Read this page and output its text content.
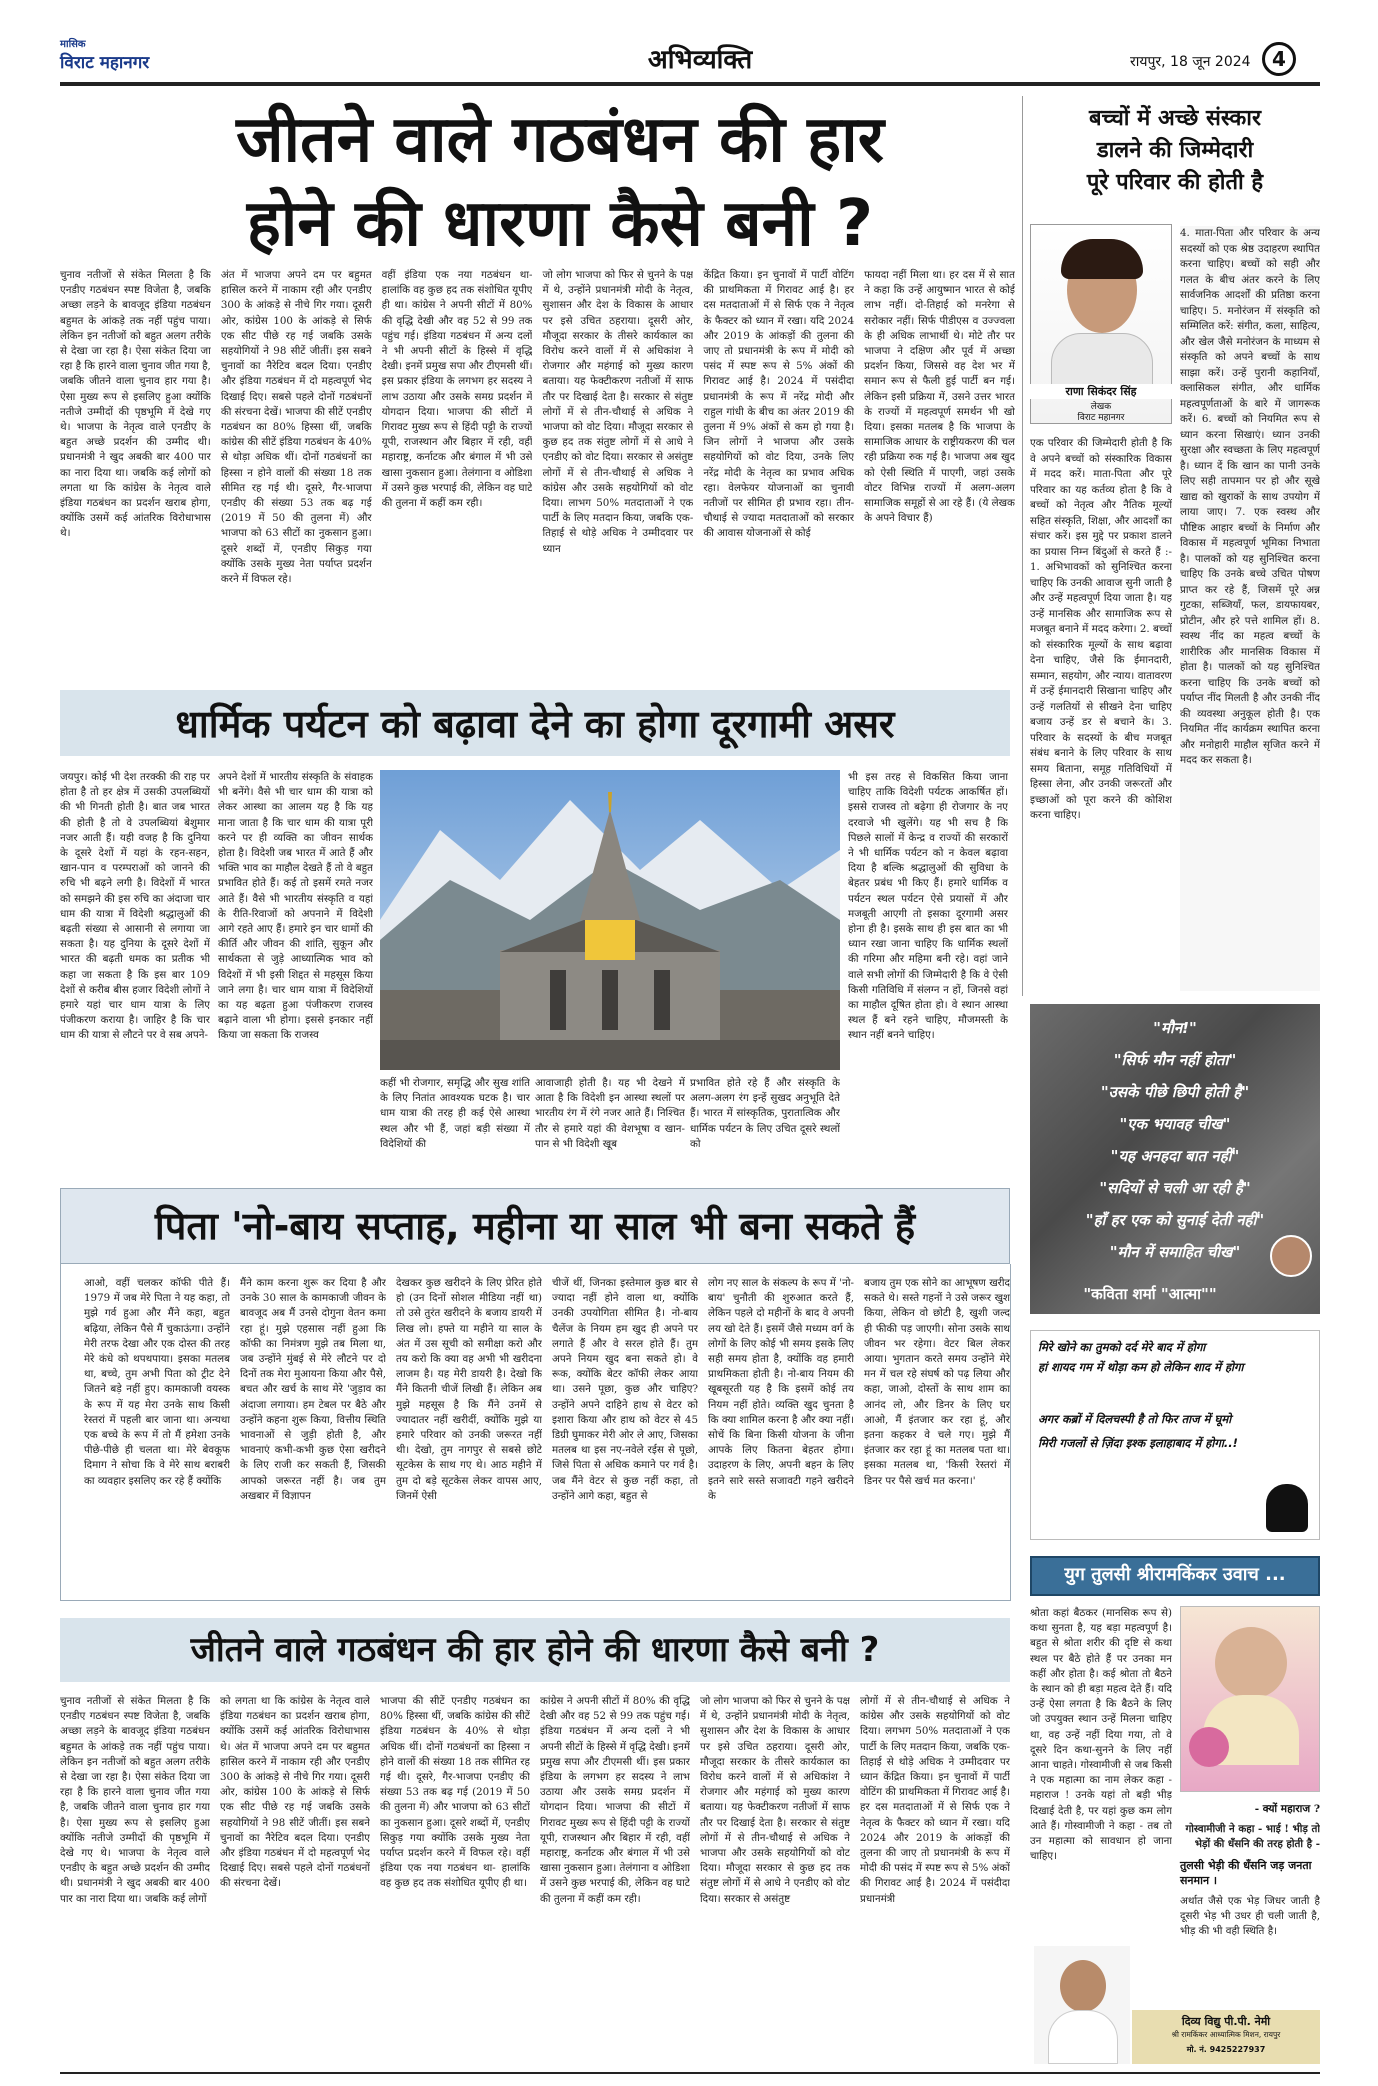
मासिक
विराट महानगर	अभिव्यक्ति	रायपुर, 18 जून 2024	4
जीतने वाले गठबंधन की हार
होने की धारणा कैसे बनी ?
चुनाव नतीजों से संकेत मिलता है कि एनडीए गठबंधन स्पष्ट विजेता है, जबकि अच्छा लड़ने के बावजूद इंडिया गठबंधन बहुमत के आंकड़े तक नहीं पहुंच पाया। लेकिन इन नतीजों को बहुत अलग तरीके से देखा जा रहा है। ऐसा संकेत दिया जा रहा है कि हारने वाला चुनाव जीत गया है, जबकि जीतने वाला चुनाव हार गया है। ऐसा मुख्य रूप से इसलिए हुआ क्योंकि नतीजे उम्मीदों की पृष्ठभूमि में देखे गए थे। भाजपा के नेतृत्व वाले एनडीए के बहुत अच्छे प्रदर्शन की उम्मीद थी। प्रधानमंत्री ने खुद अबकी बार 400 पार का नारा दिया था। जबकि कई लोगों को लगता था कि कांग्रेस के नेतृत्व वाले इंडिया गठबंधन का प्रदर्शन खराब होगा, क्योंकि उसमें कई आंतरिक विरोधाभास थे।
अंत में भाजपा अपने दम पर बहुमत हासिल करने में नाकाम रही और एनडीए 300 के आंकड़े से नीचे गिर गया। दूसरी ओर, कांग्रेस 100 के आंकड़े से सिर्फ एक सीट पीछे रह गई जबकि उसके सहयोगियों ने 98 सीटें जीतीं। इस सबने चुनावों का नैरेटिव बदल दिया। एनडीए और इंडिया गठबंधन में दो महत्वपूर्ण भेद दिखाई दिए। सबसे पहले दोनों गठबंधनों की संरचना देखें। भाजपा की सीटें एनडीए गठबंधन का 80% हिस्सा थीं, जबकि कांग्रेस की सीटें इंडिया गठबंधन के 40% से थोड़ा अधिक थीं। दोनों गठबंधनों का हिस्सा न होने वालों की संख्या 18 तक सीमित रह गई थी। दूसरे, गैर-भाजपा एनडीए की संख्या 53 तक बढ़ गई (2019 में 50 की तुलना में) और भाजपा को 63 सीटों का नुकसान हुआ। दूसरे शब्दों में, एनडीए सिकुड़ गया क्योंकि उसके मुख्य नेता पर्याप्त प्रदर्शन करने में विफल रहे।
वहीं इंडिया एक नया गठबंधन था- हालांकि वह कुछ हद तक संशोधित यूपीए ही था। कांग्रेस ने अपनी सीटों में 80% की वृद्धि देखी और वह 52 से 99 तक पहुंच गई। इंडिया गठबंधन में अन्य दलों ने भी अपनी सीटों के हिस्से में वृद्धि देखी। इनमें प्रमुख सपा और टीएमसी थीं। इस प्रकार इंडिया के लगभग हर सदस्य ने लाभ उठाया और उसके समग्र प्रदर्शन में योगदान दिया। भाजपा की सीटों में गिरावट मुख्य रूप से हिंदी पट्टी के राज्यों यूपी, राजस्थान और बिहार में रही, वहीं महाराष्ट्र, कर्नाटक और बंगाल में भी उसे खासा नुकसान हुआ। तेलंगाना व ओडिशा में उसने कुछ भरपाई की, लेकिन वह घाटे की तुलना में कहीं कम रही।
जो लोग भाजपा को फिर से चुनने के पक्ष में थे, उन्होंने प्रधानमंत्री मोदी के नेतृत्व, सुशासन और देश के विकास के आधार पर इसे उचित ठहराया। दूसरी ओर, मौजूदा सरकार के तीसरे कार्यकाल का विरोध करने वालों में से अधिकांश ने रोजगार और महंगाई को मुख्य कारण बताया। यह फेक्टीकरण नतीजों में साफ तौर पर दिखाई देता है। सरकार से संतुष्ट लोगों में से तीन-चौथाई से अधिक ने भाजपा को वोट दिया। मौजूदा सरकार से कुछ हद तक संतुष्ट लोगों में से आधे ने एनडीए को वोट दिया। सरकार से असंतुष्ट लोगों में से तीन-चौथाई से अधिक ने कांग्रेस और उसके सहयोगियों को वोट दिया। लाभग 50% मतदाताओं ने एक पार्टी के लिए मतदान किया, जबकि एक-तिहाई से थोड़े अधिक ने उम्मीदवार पर ध्यान
केंद्रित किया। इन चुनावों में पार्टी वोटिंग की प्राथमिकता में गिरावट आई है। हर दस मतदाताओं में से सिर्फ एक ने नेतृत्व के फैक्टर को ध्यान में रखा। यदि 2024 और 2019 के आंकड़ों की तुलना की जाए तो प्रधानमंत्री के रूप में मोदी को पसंद में स्पष्ट रूप से 5% अंकों की गिरावट आई है। 2024 में पसंदीदा प्रधानमंत्री के रूप में नरेंद्र मोदी और राहुल गांधी के बीच का अंतर 2019 की तुलना में 9% अंकों से कम हो गया है। जिन लोगों ने भाजपा और उसके सहयोगियों को वोट दिया, उनके लिए नरेंद्र मोदी के नेतृत्व का प्रभाव अधिक रहा। वेलफेयर योजनाओं का चुनावी नतीजों पर सीमित ही प्रभाव रहा। तीन-चौथाई से ज्यादा मतदाताओं को सरकार की आवास योजनाओं से कोई
फायदा नहीं मिला था। हर दस में से सात ने कहा कि उन्हें आयुष्मान भारत से कोई लाभ नहीं। दो-तिहाई को मनरेगा से सरोकार नहीं। सिर्फ पीडीएस व उज्ज्वला के ही अधिक लाभार्थी थे। मोटे तौर पर भाजपा ने दक्षिण और पूर्व में अच्छा प्रदर्शन किया, जिससे वह देश भर में समान रूप से फैली हुई पार्टी बन गई। लेकिन इसी प्रक्रिया में, उसने उत्तर भारत के राज्यों में महत्वपूर्ण समर्थन भी खो दिया। इसका मतलब है कि भाजपा के सामाजिक आधार के राष्ट्रीयकरण की चल रही प्रक्रिया रुक गई है। भाजपा अब खुद को ऐसी स्थिति में पाएगी, जहां उसके वोटर विभिन्न राज्यों में अलग-अलग सामाजिक समूहों से आ रहे हैं। (ये लेखक के अपने विचार हैं)
बच्चों में अच्छे संस्कार
डालने की जिम्मेदारी
पूरे परिवार की होती है
राणा सिकंदर सिंह
लेखक
विराट महानगर
4. माता-पिता और परिवार के अन्य सदस्यों को एक श्रेष्ठ उदाहरण स्थापित करना चाहिए। बच्चों को सही और गलत के बीच अंतर करने के लिए सार्वजनिक आदर्शों की प्रतिष्ठा करना चाहिए। 5. मनोरंजन में संस्कृति को सम्मिलित करें: संगीत, कला, साहित्य, और खेल जैसे मनोरंजन के माध्यम से संस्कृति को अपने बच्चों के साथ साझा करें। उन्हें पुरानी कहानियाँ, क्लासिकल संगीत, और धार्मिक महत्वपूर्णताओं के बारे में जागरूक करें। 6. बच्चों को नियमित रूप से ध्यान करना सिखाएं। ध्यान उनकी सुरक्षा और स्वच्छता के लिए महत्वपूर्ण है। ध्यान दें कि खान का पानी उनके लिए सही तापमान पर हो और सूखे खाद्य को खुराकों के साथ उपयोग में लाया जाए। 7. एक स्वस्थ और पौष्टिक आहार बच्चों के निर्माण और विकास में महत्वपूर्ण भूमिका निभाता है। पालकों को यह सुनिश्चित करना चाहिए कि उनके बच्चे उचित पोषण प्राप्त कर रहे हैं, जिसमें पूरे अन्न गुटका, सब्जियाँ, फल, डायफायबर, प्रोटीन, और हरे पत्ते शामिल हों। 8. स्वस्थ नींद का महत्व बच्चों के शारीरिक और मानसिक विकास में होता है। पालकों को यह सुनिश्चित करना चाहिए कि उनके बच्चों को पर्याप्त नींद मिलती है और उनकी नींद की व्यवस्था अनुकूल होती है। एक नियमित नींद कार्यक्रम स्थापित करना और मनोहारी माहौल सृजित करने में मदद कर सकता है।
एक परिवार की जिम्मेदारी होती है कि वे अपने बच्चों को संस्कारिक विकास में मदद करें। माता-पिता और पूरे परिवार का यह कर्तव्य होता है कि वे बच्चों को नेतृत्व और नैतिक मूल्यों सहित संस्कृति, शिक्षा, और आदर्शों का संचार करें। इस मुद्दे पर प्रकाश डालने का प्रयास निम्न बिंदुओं से करते हैं :- 1. अभिभावकों को सुनिश्चित करना चाहिए कि उनकी आवाज सुनी जाती है और उन्हें महत्वपूर्ण दिया जाता है। यह उन्हें मानसिक और सामाजिक रूप से मजबूत बनाने में मदद करेगा। 2. बच्चों को संस्कारिक मूल्यों के साथ बढ़ावा देना चाहिए, जैसे कि ईमानदारी, सम्मान, सहयोग, और न्याय। वातावरण में उन्हें ईमानदारी सिखाना चाहिए और उन्हें गलतियों से सीखने देना चाहिए बजाय उन्हें डर से बचाने के। 3. परिवार के सदस्यों के बीच मजबूत संबंध बनाने के लिए परिवार के साथ समय बिताना, समूह गतिविधियों में हिस्सा लेना, और उनकी जरूरतों और इच्छाओं को पूरा करने की कोशिश करना चाहिए।
धार्मिक पर्यटन को बढ़ावा देने का होगा दूरगामी असर
जयपुर। कोई भी देश तरक्की की राह पर होता है तो हर क्षेत्र में उसकी उपलब्धियों की भी गिनती होती है। बात जब भारत की होती है तो वे उपलब्धियां बेशुमार नजर आती हैं। यही वजह है कि दुनिया के दूसरे देशों में यहां के रहन-सहन, खान-पान व परम्पराओं को जानने की रुचि भी बढ़ने लगी है। विदेशों में भारत को समझने की इस रुचि का अंदाजा चार धाम की यात्रा में विदेशी श्रद्धालुओं की बढ़ती संख्या से आसानी से लगाया जा सकता है। यह दुनिया के दूसरे देशों में भारत की बढ़ती धमक का प्रतीक भी कहा जा सकता है कि इस बार 109 देशों से करीब बीस हजार विदेशी लोगों ने हमारे यहां चार धाम यात्रा के लिए पंजीकरण कराया है। जाहिर है कि चार धाम की यात्रा से लौटने पर वे सब अपने-
अपने देशों में भारतीय संस्कृति के संवाहक भी बनेंगे। वैसे भी चार धाम की यात्रा को लेकर आस्था का आलम यह है कि यह माना जाता है कि चार धाम की यात्रा पूरी करने पर ही व्यक्ति का जीवन सार्थक होता है। विदेशी जब भारत में आते हैं और भक्ति भाव का माहौल देखते हैं तो वे बहुत प्रभावित होते हैं। कई तो इसमें रमते नजर आते हैं। वैसे भी भारतीय संस्कृति व यहां के रीति-रिवाजों को अपनाने में विदेशी आगे रहते आए हैं। हमारे इन चार धामों की कीर्ति और जीवन की शांति, सुकून और सार्थकता से जुड़े आध्यात्मिक भाव को विदेशों में भी इसी शिद्दत से महसूस किया जाने लगा है। चार धाम यात्रा में विदेशियों का यह बढ़ता हुआ पंजीकरण राजस्व बढ़ाने वाला भी होगा। इससे इनकार नहीं किया जा सकता कि राजस्व
कहीं भी रोजगार, समृद्धि और सुख शांति के लिए नितांत आवश्यक घटक है। चार धाम यात्रा की तरह ही कई ऐसे आस्था स्थल और भी हैं, जहां बड़ी संख्या में विदेशियों की
आवाजाही होती है। यह भी देखने में आता है कि विदेशी इन आस्था स्थलों पर भारतीय रंग में रंगे नजर आते हैं। निश्चित तौर से हमारे यहां की वेशभूषा व खान-पान से भी विदेशी खूब
प्रभावित होते रहे हैं और संस्कृति के अलग-अलग रंग इन्हें सुखद अनुभूति देते हैं। भारत में सांस्कृतिक, पुरातात्विक और धार्मिक पर्यटन के लिए उचित दूसरे स्थलों को
भी इस तरह से विकसित किया जाना चाहिए ताकि विदेशी पर्यटक आकर्षित हों। इससे राजस्व तो बढ़ेगा ही रोजगार के नए दरवाजे भी खुलेंगे। यह भी सच है कि पिछले सालों में केन्द्र व राज्यों की सरकारों ने भी धार्मिक पर्यटन को न केवल बढ़ावा दिया है बल्कि श्रद्धालुओं की सुविधा के बेहतर प्रबंध भी किए हैं। हमारे धार्मिक व पर्यटन स्थल पर्यटन ऐसे प्रयासों में और मजबूती आएगी तो इसका दूरगामी असर होना ही है। इसके साथ ही इस बात का भी ध्यान रखा जाना चाहिए कि धार्मिक स्थलों की गरिमा और महिमा बनी रहे। वहां जाने वाले सभी लोगों की जिम्मेदारी है कि वे ऐसी किसी गतिविधि में संलग्न न हों, जिनसे वहां का माहौल दूषित होता हो। वे स्थान आस्था स्थल हैं बने रहने चाहिए, मौजमस्ती के स्थान नहीं बनने चाहिए।	"मौन!"
"सिर्फ मौन नहीं होता"
"उसके पीछे छिपी होती है"
"एक भयावह चीख"
"यह अनहदा बात नहीं"
"सदियों से चली आ रही है"
"हाँ हर एक को सुनाई देती नहीं"
"मौन में समाहित चीख"
"कविता शर्मा "आत्मा""
पिता 'नो-बाय सप्ताह, महीना या साल भी बना सकते हैं
आओ, वहीं चलकर कॉफी पीते हैं। 1979 में जब मेरे पिता ने यह कहा, तो मुझे गर्व हुआ और मैंने कहा, बहुत बढ़िया, लेकिन पैसे मैं चुकाऊंगा। उन्होंने मेरी तरफ देखा और एक दोस्त की तरह मेरे कंधे को थपथपाया। इसका मतलब था, बच्चे, तुम अभी पिता को ट्रीट देने जितने बड़े नहीं हुए। कामकाजी वयस्क के रूप में यह मेरा उनके साथ किसी रेस्तरां में पहली बार जाना था। अन्यथा एक बच्चे के रूप में तो मैं हमेशा उनके पीछे-पीछे ही चलता था। मेरे बेवकूफ दिमाग ने सोचा कि वे मेरे साथ बराबरी का व्यवहार इसलिए कर रहे हैं क्योंकि
मैंने काम करना शुरू कर दिया है और उनके 30 साल के कामकाजी जीवन के बावजूद अब मैं उनसे दोगुना वेतन कमा रहा हूं। मुझे एहसास नहीं हुआ कि कॉफी का निमंत्रण मुझे तब मिला था, जब उन्होंने मुंबई से मेरे लौटने पर दो दिनों तक मेरा मुआयना किया और पैसे, बचत और खर्च के साथ मेरे 'जुड़ाव का अंदाजा लगाया। हम टेबल पर बैठे और उन्होंने कहना शुरू किया, वित्तीय स्थिति भावनाओं से जुड़ी होती है, और भावनाएं कभी-कभी कुछ ऐसा खरीदने के लिए राजी कर सकती हैं, जिसकी आपको जरूरत नहीं है। जब तुम अखबार में विज्ञापन
देखकर कुछ खरीदने के लिए प्रेरित होते हो (उन दिनों सोशल मीडिया नहीं था) तो उसे तुरंत खरीदने के बजाय डायरी में लिख लो। हफ्ते या महीने या साल के अंत में उस सूची को समीक्षा करो और तय करो कि क्या वह अभी भी खरीदना लाजम है। यह मेरी डायरी है। देखो कि मैंने कितनी चीजें लिखी हैं। लेकिन अब मुझे महसूस है कि मैंने उनमें से ज्यादातर नहीं खरीदीं, क्योंकि मुझे या हमारे परिवार को उनकी जरूरत नहीं थी। देखो, तुम नागपुर से सबसे छोटे सूटकेस के साथ गए थे। आठ महीने में तुम दो बड़े सूटकेस लेकर वापस आए, जिनमें ऐसी
चीजें थीं, जिनका इस्तेमाल कुछ बार से ज्यादा नहीं होने वाला था, क्योंकि उनकी उपयोगिता सीमित है। नो-बाय चैलेंज के नियम हम खुद ही अपने पर लगाते हैं और वे सरल होते हैं। तुम अपने नियम खुद बना सकते हो। वे रूक, क्योंकि बेटर कॉफी लेकर आया था। उसने पूछा, कुछ और चाहिए? उन्होंने अपने दाहिने हाथ से वेटर को इशारा किया और हाथ को वेटर से 45 डिग्री घुमाकर मेरी ओर ले आए, जिसका मतलब था इस नए-नवेले रईस से पूछो, जिसे पिता से अधिक कमाने पर गर्व है। जब मैंने वेटर से कुछ नहीं कहा, तो उन्होंने आगे कहा, बहुत से
लोग नए साल के संकल्प के रूप में 'नो-बाय' चुनौती की शुरुआत करते हैं, लेकिन पहले दो महीनों के बाद वे अपनी लय खो देते हैं। इसमें जैसे मध्यम वर्ग के लोगों के लिए कोई भी समय इसके लिए सही समय होता है, क्योंकि वह हमारी प्राथमिकता होती है। नो-बाय नियम की खूबसूरती यह है कि इसमें कोई तय नियम नहीं होते। व्यक्ति खुद चुनता है कि क्या शामिल करना है और क्या नहीं। सोचें कि बिना किसी योजना के जीना आपके लिए कितना बेहतर होगा। उदाहरण के लिए, अपनी बहन के लिए इतने सारे सस्ते सजावटी गहने खरीदने के
बजाय तुम एक सोने का आभूषण खरीद सकते थे। सस्ते गहनों ने उसे जरूर खुश किया, लेकिन वो छोटी है, खुशी जल्द ही फीकी पड़ जाएगी। सोना उसके साथ जीवन भर रहेगा। वेटर बिल लेकर आया। भुगतान करते समय उन्होंने मेरे मन में चल रहे संघर्ष को पढ़ लिया और कहा, जाओ, दोस्तों के साथ शाम का आनंद लो, और डिनर के लिए घर आओ, मैं इंतजार कर रहा हूं, और इतना कहकर वे चले गए। मुझे मैं इंतजार कर रहा हूं का मतलब पता था। इसका मतलब था, 'किसी रेस्तरां में डिनर पर पैसे खर्च मत करना।'
मिरे खोने का तुमको दर्द मेरे बाद में होगा
हां शायद गम में थोड़ा कम हो लेकिन शाद में होगा
अगर कब्रों में दिलचस्पी है तो फिर ताज में घूमो
मिरी गजलों से ज़िंदा इश्क इलाहाबाद में होगा..!
युग तुलसी श्रीरामकिंकर उवाच ...
जीतने वाले गठबंधन की हार होने की धारणा कैसे बनी ?
चुनाव नतीजों से संकेत मिलता है कि एनडीए गठबंधन स्पष्ट विजेता है, जबकि अच्छा लड़ने के बावजूद इंडिया गठबंधन बहुमत के आंकड़े तक नहीं पहुंच पाया। लेकिन इन नतीजों को बहुत अलग तरीके से देखा जा रहा है। ऐसा संकेत दिया जा रहा है कि हारने वाला चुनाव जीत गया है, जबकि जीतने वाला चुनाव हार गया है। ऐसा मुख्य रूप से इसलिए हुआ क्योंकि नतीजे उम्मीदों की पृष्ठभूमि में देखे गए थे। भाजपा के नेतृत्व वाले एनडीए के बहुत अच्छे प्रदर्शन की उम्मीद थी। प्रधानमंत्री ने खुद अबकी बार 400 पार का नारा दिया था। जबकि कई लोगों
को लगता था कि कांग्रेस के नेतृत्व वाले इंडिया गठबंधन का प्रदर्शन खराब होगा, क्योंकि उसमें कई आंतरिक विरोधाभास थे। अंत में भाजपा अपने दम पर बहुमत हासिल करने में नाकाम रही और एनडीए 300 के आंकड़े से नीचे गिर गया। दूसरी ओर, कांग्रेस 100 के आंकड़े से सिर्फ एक सीट पीछे रह गई जबकि उसके सहयोगियों ने 98 सीटें जीतीं। इस सबने चुनावों का नैरेटिव बदल दिया। एनडीए और इंडिया गठबंधन में दो महत्वपूर्ण भेद दिखाई दिए। सबसे पहले दोनों गठबंधनों की संरचना देखें।
भाजपा की सीटें एनडीए गठबंधन का 80% हिस्सा थीं, जबकि कांग्रेस की सीटें इंडिया गठबंधन के 40% से थोड़ा अधिक थीं। दोनों गठबंधनों का हिस्सा न होने वालों की संख्या 18 तक सीमित रह गई थी। दूसरे, गैर-भाजपा एनडीए की संख्या 53 तक बढ़ गई (2019 में 50 की तुलना में) और भाजपा को 63 सीटों का नुकसान हुआ। दूसरे शब्दों में, एनडीए सिकुड़ गया क्योंकि उसके मुख्य नेता पर्याप्त प्रदर्शन करने में विफल रहे। वहीं इंडिया एक नया गठबंधन था- हालांकि वह कुछ हद तक संशोधित यूपीए ही था।
कांग्रेस ने अपनी सीटों में 80% की वृद्धि देखी और वह 52 से 99 तक पहुंच गई। इंडिया गठबंधन में अन्य दलों ने भी अपनी सीटों के हिस्से में वृद्धि देखी। इनमें प्रमुख सपा और टीएमसी थीं। इस प्रकार इंडिया के लगभग हर सदस्य ने लाभ उठाया और उसके समग्र प्रदर्शन में योगदान दिया। भाजपा की सीटों में गिरावट मुख्य रूप से हिंदी पट्टी के राज्यों यूपी, राजस्थान और बिहार में रही, वहीं महाराष्ट्र, कर्नाटक और बंगाल में भी उसे खासा नुकसान हुआ। तेलंगाना व ओडिशा में उसने कुछ भरपाई की, लेकिन वह घाटे की तुलना में कहीं कम रही।
जो लोग भाजपा को फिर से चुनने के पक्ष में थे, उन्होंने प्रधानमंत्री मोदी के नेतृत्व, सुशासन और देश के विकास के आधार पर इसे उचित ठहराया। दूसरी ओर, मौजूदा सरकार के तीसरे कार्यकाल का विरोध करने वालों में से अधिकांश ने रोजगार और महंगाई को मुख्य कारण बताया। यह फेक्टीकरण नतीजों में साफ तौर पर दिखाई देता है। सरकार से संतुष्ट लोगों में से तीन-चौथाई से अधिक ने भाजपा और उसके सहयोगियों को वोट दिया। मौजूदा सरकार से कुछ हद तक संतुष्ट लोगों में से आधे ने एनडीए को वोट दिया। सरकार से असंतुष्ट
लोगों में से तीन-चौथाई से अधिक ने कांग्रेस और उसके सहयोगियों को वोट दिया। लगभग 50% मतदाताओं ने एक पार्टी के लिए मतदान किया, जबकि एक-तिहाई से थोड़े अधिक ने उम्मीदवार पर ध्यान केंद्रित किया। इन चुनावों में पार्टी वोटिंग की प्राथमिकता में गिरावट आई है। हर दस मतदाताओं में से सिर्फ एक ने नेतृत्व के फैक्टर को ध्यान में रखा। यदि 2024 और 2019 के आंकड़ों की तुलना की जाए तो प्रधानमंत्री के रूप में मोदी की पसंद में स्पष्ट रूप से 5% अंकों की गिरावट आई है। 2024 में पसंदीदा प्रधानमंत्री
श्रोता कहां बैठकर (मानसिक रूप से) कथा सुनता है, यह बड़ा महत्वपूर्ण है। बहुत से श्रोता शरीर की दृष्टि से कथा स्थल पर बैठे होते हैं पर उनका मन कहीं और होता है। कई श्रोता तो बैठने के स्थान को ही बड़ा महत्व देते हैं। यदि उन्हें ऐसा लगता है कि बैठने के लिए जो उपयुक्त स्थान उन्हें मिलना चाहिए था, वह उन्हें नहीं दिया गया, तो वे दूसरे दिन कथा-सुनने के लिए नहीं आना चाहते। गोस्वामीजी से जब किसी ने एक महात्मा का नाम लेकर कहा - महाराज ! उनके यहां तो बड़ी भीड़ दिखाई देती है, पर यहां कुछ कम लोग आते हैं। गोस्वामीजी ने कहा - तब तो उन महात्मा को सावधान हो जाना चाहिए।
- क्यों महाराज ?
गोस्वामीजी ने कहा - भाई ! भीड़ तो भेड़ों की धँसनि की तरह होती है -
तुलसी भेड़ी की धँसनि जड़ जनता सनमान ।
अर्थात जैसे एक भेड़ जिधर जाती है दूसरी भेड़ भी उधर ही चली जाती है, भीड़ की भी वही स्थिति है।
दिव्य विद्यु पी.पी. नेमी
श्री रामकिंकर आध्यात्मिक मिशन, रायपुर
मो. नं. 9425227937
